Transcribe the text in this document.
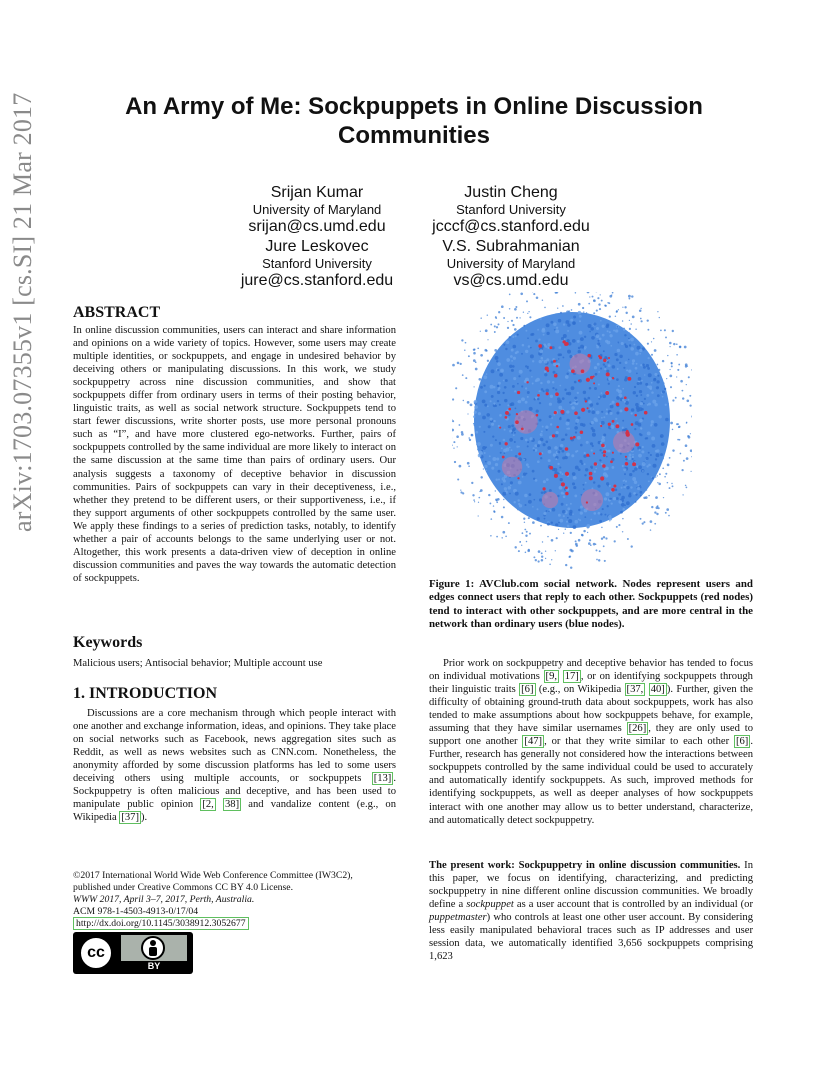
An Army of Me: Sockpuppets in Online Discussion Communities
Srijan Kumar
University of Maryland
srijan@cs.umd.edu
Justin Cheng
Stanford University
jcccf@cs.stanford.edu
Jure Leskovec
Stanford University
jure@cs.stanford.edu
V.S. Subrahmanian
University of Maryland
vs@cs.umd.edu
arXiv:1703.07355v1 [cs.SI] 21 Mar 2017 ABSTRACT

In online discussion communities, users can interact and share information and opinions on a wide variety of topics. However, some users may create multiple identities, or sockpuppets, and engage in undesired behavior by deceiving others or manipulating discussions. In this work, we study sockpuppetry across nine discussion communities, and show that sockpuppets differ from ordinary users in terms of their posting behavior, linguistic traits, as well as social network structure. Sockpuppets tend to start fewer discussions, write shorter posts, use more personal pronouns such as “I”, and have more clustered ego-networks. Further, pairs of sockpuppets controlled by the same individual are more likely to interact on the same discussion at the same time than pairs of ordinary users. Our analysis suggests a taxonomy of deceptive behavior in discussion communities. Pairs of sockpuppets can vary in their deceptiveness, i.e., whether they pretend to be different users, or their supportiveness, i.e., if they support arguments of other sockpuppets controlled by the same user. We apply these findings to a series of prediction tasks, notably, to identify whether a pair of accounts belongs to the same underlying user or not. Altogether, this work presents a data-driven view of deception in online discussion communities and paves the way towards the automatic detection of sockpuppets.

Keywords

Malicious users; Antisocial behavior; Multiple account use

1. INTRODUCTION

Discussions are a core mechanism through which people interact with one another and exchange information, ideas, and opinions. They take place on social networks such as Facebook, news aggregation sites such as Reddit, as well as news websites such as CNN.com. Nonetheless, the anonymity afforded by some discussion platforms has led to some users deceiving others using multiple accounts, or sockpuppets [13] . Sockpuppetry is often malicious and deceptive, and has been used to manipulate public opinion [2, 38] and vandalize content (e.g., on Wikipedia [37] ).

©2017 International World Wide Web Conference Committee (IW3C2),
published under Creative Commons CC BY 4.0 License.
WWW 2017, April 3–7, 2017, Perth, Australia.
ACM 978-1-4503-4913-0/17/04
http://dx.doi.org/10.1145/3038912.3052677
cc
BY
Figure 1: AVClub.com social network. Nodes represent users and edges connect users that reply to each other. Sockpuppets (red nodes) tend to interact with other sockpuppets, and are more central in the network than ordinary users (blue nodes).

Prior work on sockpuppetry and deceptive behavior has tended to focus on individual motivations [9, 17] , or on identifying sockpuppets through their linguistic traits [6] (e.g., on Wikipedia [37, 40] ). Further, given the difficulty of obtaining ground-truth data about sockpuppets, work has also tended to make assumptions about how sockpuppets behave, for example, assuming that they have similar usernames [26] , they are only used to support one another [47] , or that they write similar to each other [6] . Further, research has generally not considered how the interactions between sockpuppets controlled by the same individual could be used to accurately and automatically identify sockpuppets. As such, improved methods for identifying sockpuppets, as well as deeper analyses of how sockpuppets interact with one another may allow us to better understand, characterize, and automatically detect sockpuppetry.

The present work: Sockpuppetry in online discussion communities. In this paper, we focus on identifying, characterizing, and predicting sockpuppetry in nine different online discussion communities. We broadly define a sockpuppet as a user account that is controlled by an individual (or puppetmaster) who controls at least one other user account. By considering less easily manipulated behavioral traces such as IP addresses and user session data, we automatically identified 3,656 sockpuppets comprising 1,623
